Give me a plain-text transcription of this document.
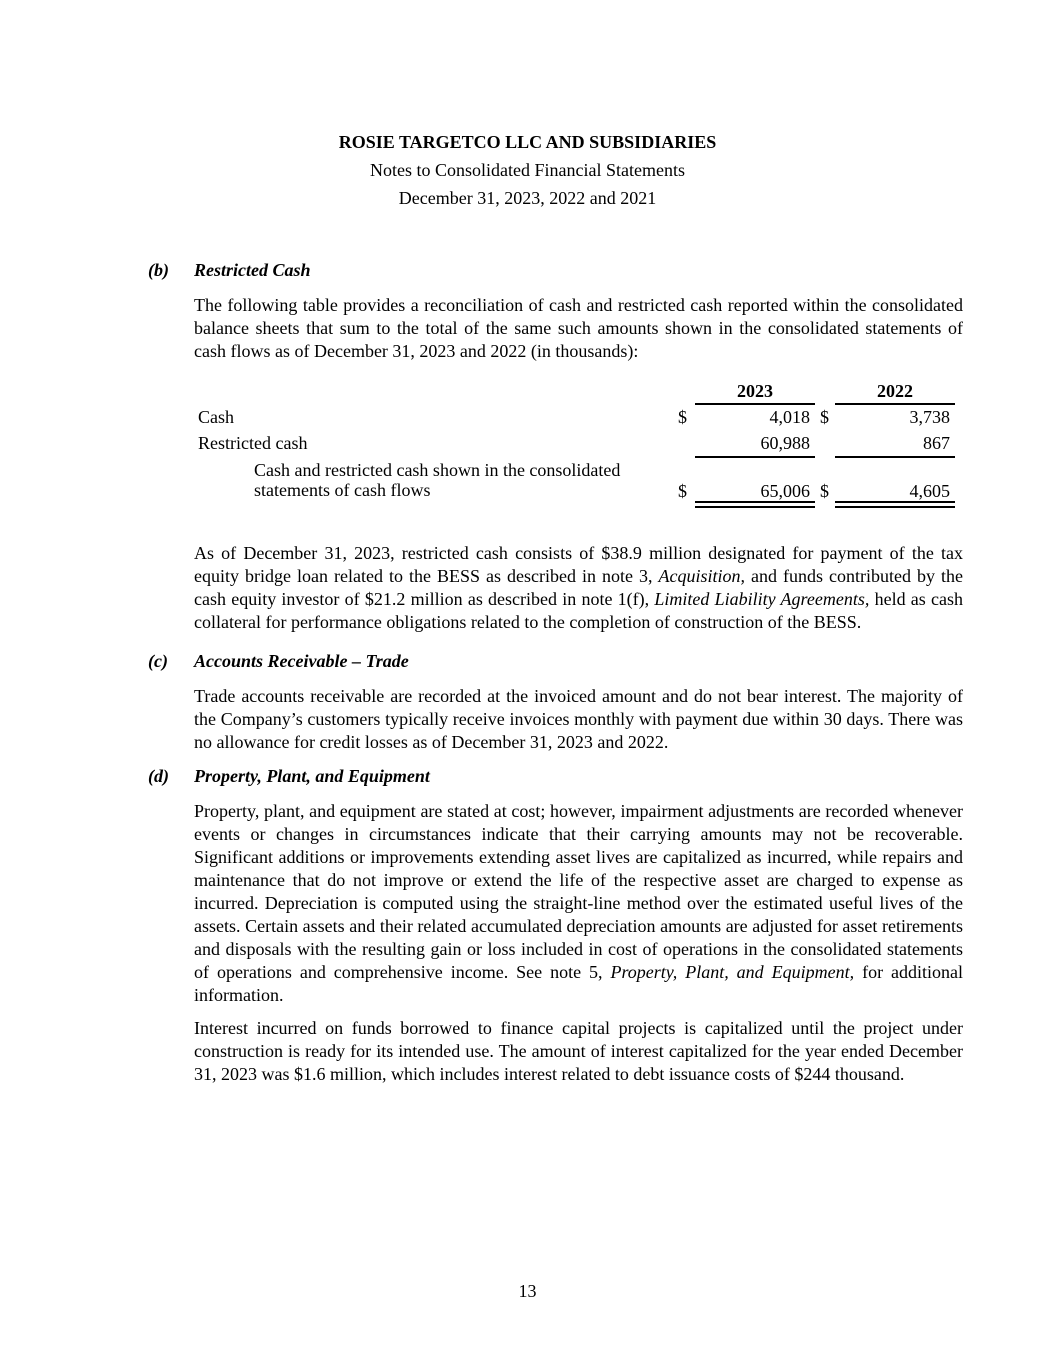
ROSIE TARGETCO LLC AND SUBSIDIARIES
Notes to Consolidated Financial Statements
December 31, 2023, 2022 and 2021
(b) Restricted Cash
The following table provides a reconciliation of cash and restricted cash reported within the consolidated balance sheets that sum to the total of the same such amounts shown in the consolidated statements of cash flows as of December 31, 2023 and 2022 (in thousands):
2023	2022
Cash	$	4,018 $	3,738
Restricted cash	60,988	867
Cash and restricted cash shown in the consolidated
statements of cash flows	$	65,006 $	4,605
As of December 31, 2023, restricted cash consists of $38.9 million designated for payment of the tax equity bridge loan related to the BESS as described in note 3, Acquisition, and funds contributed by the cash equity investor of $21.2 million as described in note 1(f), Limited Liability Agreements, held as cash collateral for performance obligations related to the completion of construction of the BESS.
(c) Accounts Receivable – Trade
Trade accounts receivable are recorded at the invoiced amount and do not bear interest. The majority of the Company’s customers typically receive invoices monthly with payment due within 30 days. There was no allowance for credit losses as of December 31, 2023 and 2022.
(d) Property, Plant, and Equipment
Property, plant, and equipment are stated at cost; however, impairment adjustments are recorded whenever events or changes in circumstances indicate that their carrying amounts may not be recoverable. Significant additions or improvements extending asset lives are capitalized as incurred, while repairs and maintenance that do not improve or extend the life of the respective asset are charged to expense as incurred. Depreciation is computed using the straight-line method over the estimated useful lives of the assets. Certain assets and their related accumulated depreciation amounts are adjusted for asset retirements and disposals with the resulting gain or loss included in cost of operations in the consolidated statements of operations and comprehensive income. See note 5, Property, Plant, and Equipment, for additional information.
Interest incurred on funds borrowed to finance capital projects is capitalized until the project under construction is ready for its intended use. The amount of interest capitalized for the year ended December 31, 2023 was $1.6 million, which includes interest related to debt issuance costs of $244 thousand.
13
